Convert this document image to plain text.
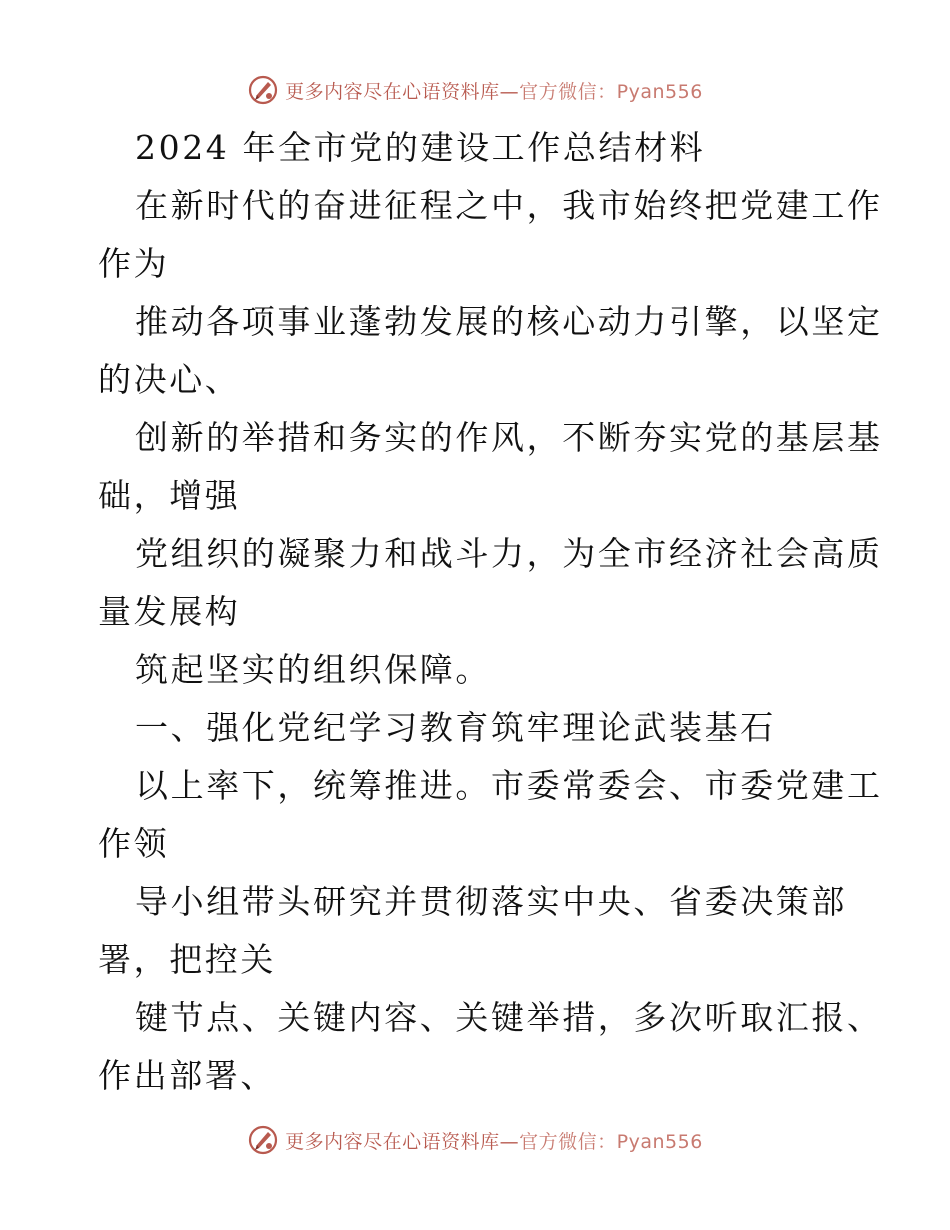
更多内容尽在心语资料库—官方微信：Pyan556
2024 年全市党的建设工作总结材料
在新时代的奋进征程之中，我市始终把党建工作
作为
推动各项事业蓬勃发展的核心动力引擎，以坚定
的决心、
创新的举措和务实的作风，不断夯实党的基层基
础，增强
党组织的凝聚力和战斗力，为全市经济社会高质
量发展构
筑起坚实的组织保障。
一、强化党纪学习教育筑牢理论武装基石
以上率下，统筹推进。市委常委会、市委党建工
作领
导小组带头研究并贯彻落实中央、省委决策部
署，把控关
键节点、关键内容、关键举措，多次听取汇报、
作出部署、
更多内容尽在心语资料库—官方微信：Pyan556
